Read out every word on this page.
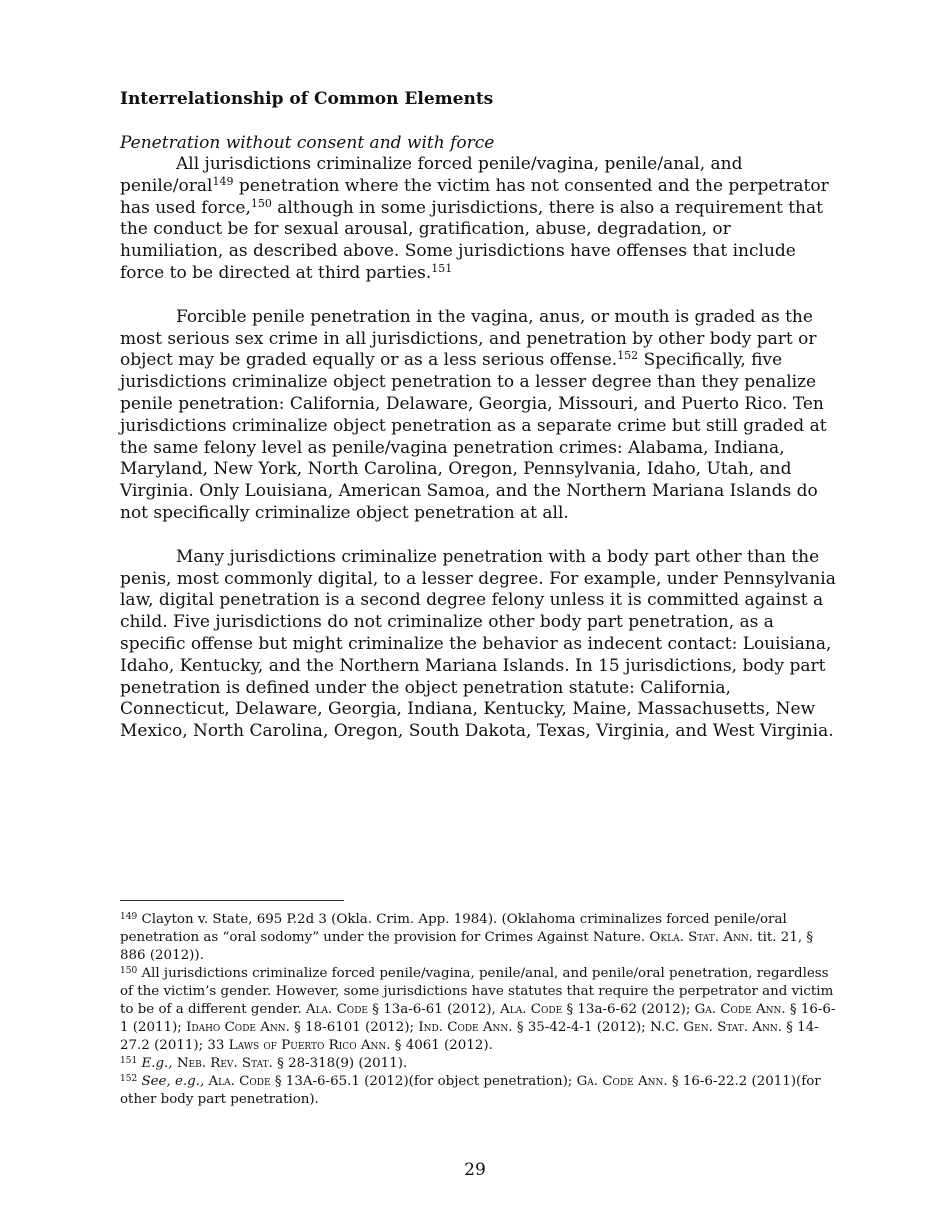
Interrelationship of Common Elements

Penetration without consent and with force

All jurisdictions criminalize forced penile/vagina, penile/anal, and penile/oral$^{149}$ penetration where the victim has not consented and the perpetrator has used force,$^{150}$ although in some jurisdictions, there is also a requirement that the conduct be for sexual arousal, gratification, abuse, degradation, or humiliation, as described above. Some jurisdictions have offenses that include force to be directed at third parties.$^{151}$

Forcible penile penetration in the vagina, anus, or mouth is graded as the most serious sex crime in all jurisdictions, and penetration by other body part or object may be graded equally or as a less serious offense.$^{152}$ Specifically, five jurisdictions criminalize object penetration to a lesser degree than they penalize penile penetration: California, Delaware, Georgia, Missouri, and Puerto Rico. Ten jurisdictions criminalize object penetration as a separate crime but still graded at the same felony level as penile/vagina penetration crimes: Alabama, Indiana, Maryland, New York, North Carolina, Oregon, Pennsylvania, Idaho, Utah, and Virginia. Only Louisiana, American Samoa, and the Northern Mariana Islands do not specifically criminalize object penetration at all.

Many jurisdictions criminalize penetration with a body part other than the penis, most commonly digital, to a lesser degree. For example, under Pennsylvania law, digital penetration is a second degree felony unless it is committed against a child. Five jurisdictions do not criminalize other body part penetration, as a specific offense but might criminalize the behavior as indecent contact: Louisiana, Idaho, Kentucky, and the Northern Mariana Islands. In 15 jurisdictions, body part penetration is defined under the object penetration statute: California, Connecticut, Delaware, Georgia, Indiana, Kentucky, Maine, Massachusetts, New Mexico, North Carolina, Oregon, South Dakota, Texas, Virginia, and West Virginia.

$^{149}$ Clayton v. State, 695 P.2d 3 (Okla. Crim. App. 1984). (Oklahoma criminalizes forced penile/oral penetration as “oral sodomy” under the provision for Crimes Against Nature. Okla. Stat. Ann. tit. 21, § 886 (2012)).

$^{150}$ All jurisdictions criminalize forced penile/vagina, penile/anal, and penile/oral penetration, regardless of the victim’s gender. However, some jurisdictions have statutes that require the perpetrator and victim to be of a different gender. Ala. Code § 13a-6-61 (2012), Ala. Code § 13a-6-62 (2012); Ga. Code Ann. § 16-6-1 (2011); Idaho Code Ann. § 18-6101 (2012); Ind. Code Ann. § 35-42-4-1 (2012); N.C. Gen. Stat. Ann. § 14-27.2 (2011); 33 Laws of Puerto Rico Ann. § 4061 (2012).

$^{151}$ E.g., Neb. Rev. Stat. § 28-318(9) (2011).

$^{152}$ See, e.g., Ala. Code § 13A-6-65.1 (2012)(for object penetration); Ga. Code Ann. § 16-6-22.2 (2011)(for other body part penetration).

29
